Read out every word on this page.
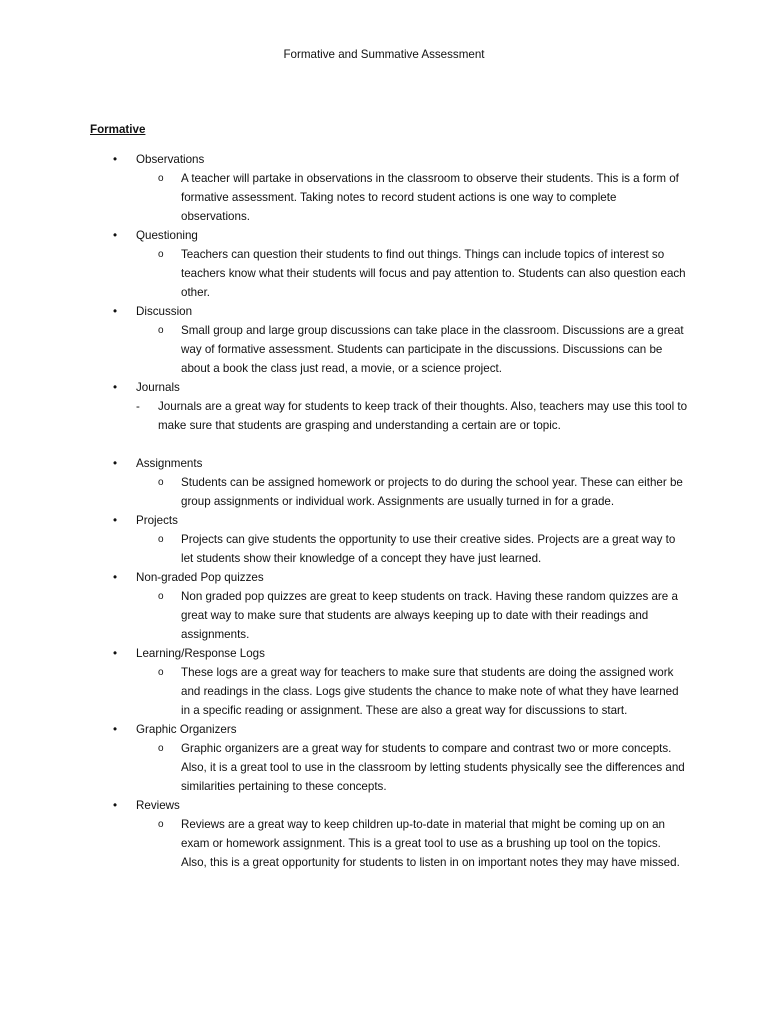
Formative and Summative Assessment
Formative
• Observations
o A teacher will partake in observations in the classroom to observe their students. This is a form of formative assessment. Taking notes to record student actions is one way to complete observations.
• Questioning
o Teachers can question their students to find out things. Things can include topics of interest so teachers know what their students will focus and pay attention to. Students can also question each other.
• Discussion
o Small group and large group discussions can take place in the classroom. Discussions are a great way of formative assessment. Students can participate in the discussions. Discussions can be about a book the class just read, a movie, or a science project.
• Journals
- Journals are a great way for students to keep track of their thoughts. Also, teachers may use this tool to make sure that students are grasping and understanding a certain are or topic.
• Assignments
o Students can be assigned homework or projects to do during the school year. These can either be group assignments or individual work. Assignments are usually turned in for a grade.
• Projects
o Projects can give students the opportunity to use their creative sides. Projects are a great way to let students show their knowledge of a concept they have just learned.
• Non-graded Pop quizzes
o Non graded pop quizzes are great to keep students on track. Having these random quizzes are a great way to make sure that students are always keeping up to date with their readings and assignments.
• Learning/Response Logs
o These logs are a great way for teachers to make sure that students are doing the assigned work and readings in the class. Logs give students the chance to make note of what they have learned in a specific reading or assignment. These are also a great way for discussions to start.
• Graphic Organizers
o Graphic organizers are a great way for students to compare and contrast two or more concepts. Also, it is a great tool to use in the classroom by letting students physically see the differences and similarities pertaining to these concepts.
• Reviews
o Reviews are a great way to keep children up-to-date in material that might be coming up on an exam or homework assignment. This is a great tool to use as a brushing up tool on the topics. Also, this is a great opportunity for students to listen in on important notes they may have missed.
